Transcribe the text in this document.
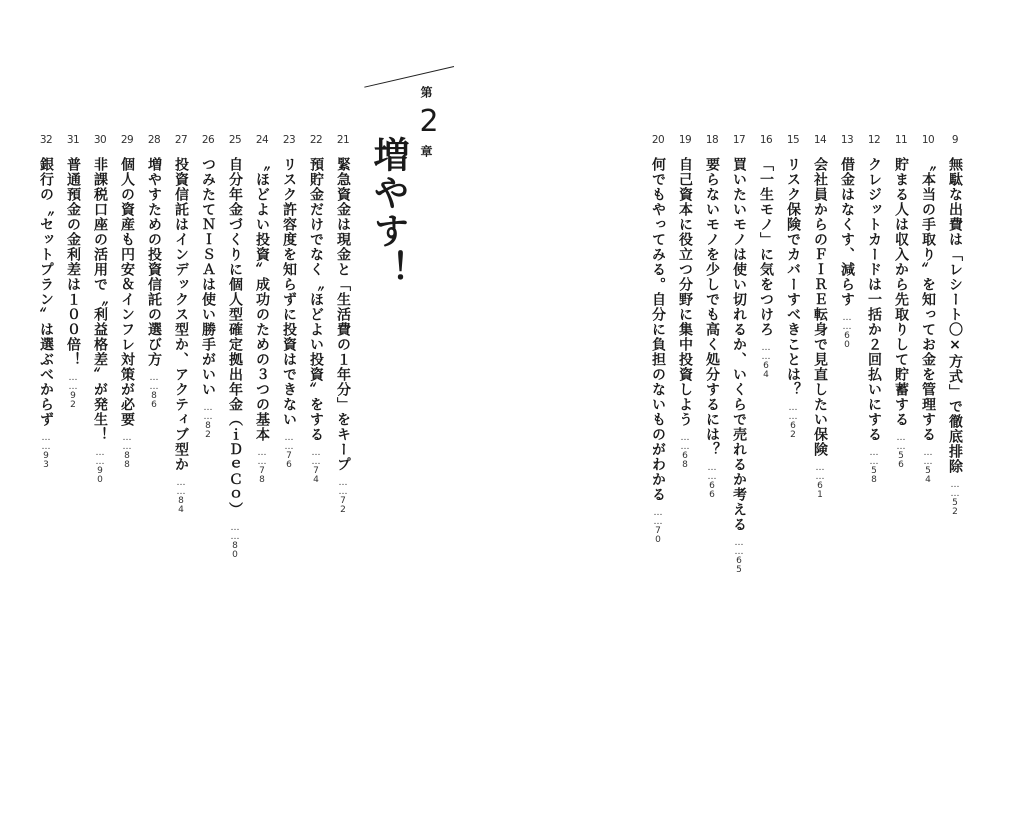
第
2
章
増やす！	9
無駄な出費は「レシート〇×方式」で徹底排除
……52
10
〝本当の手取り〟を知ってお金を管理する
……54
11
貯まる人は収入から先取りして貯蓄する
……56
12
クレジットカードは一括か２回払いにする
……58
13
借金はなくす、減らす
……60
14
会社員からのＦＩＲＥ転身で見直したい保険
……61
15
リスク保険でカバーすべきことは？
……62
16
「一生モノ」に気をつけろ
……64
17
買いたいモノは使い切れるか、いくらで売れるか考える
……65
18
要らないモノを少しでも高く処分するには？
……66
19
自己資本に役立つ分野に集中投資しよう
……68
20
何でもやってみる。自分に負担のないものがわかる
……70
21
緊急資金は現金と「生活費の１年分」をキープ
……72
22
預貯金だけでなく〝ほどよい投資〟をする
……74
23
リスク許容度を知らずに投資はできない
……76
24
〝ほどよい投資〟成功のための３つの基本
……78
25
自分年金づくりに個人型確定拠出年金（ｉＤｅＣｏ）
……80
26
つみたてＮＩＳＡは使い勝手がいい
……82
27
投資信託はインデックス型か、アクティブ型か
……84
28
増やすための投資信託の選び方
……86
29
個人の資産も円安＆インフレ対策が必要
……88
30
非課税口座の活用で〝利益格差〟が発生！
……90
31
普通預金の金利差は１００倍！
……92
32
銀行の〝セットプラン〟は選ぶべからず
……93
